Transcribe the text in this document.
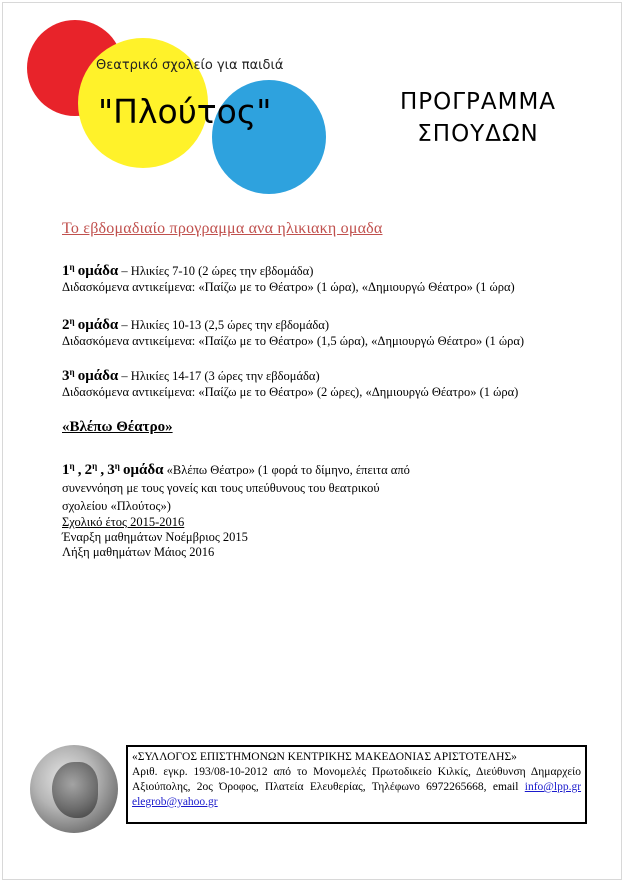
Θεατρικό σχολείο για παιδιά
"Πλούτος"	ΠΡΟΓΡΑΜΜΑ
ΣΠΟΥΔΩΝ
Το εβδομαδιαίο προγραμμα ανα ηλικιακη ομαδα
$1^\eta$ ομάδα – Ηλικίες 7-10 (2 ώρες την εβδομάδα)
Διδασκόμενα αντικείμενα: «Παίζω με το Θέατρο» (1 ώρα), «Δημιουργώ Θέατρο» (1 ώρα)
$2^\eta$ ομάδα – Ηλικίες 10-13 (2,5 ώρες την εβδομάδα)
Διδασκόμενα αντικείμενα: «Παίζω με το Θέατρο» (1,5 ώρα), «Δημιουργώ Θέατρο» (1 ώρα)
$3^\eta$ ομάδα – Ηλικίες 14-17 (3 ώρες την εβδομάδα)
Διδασκόμενα αντικείμενα: «Παίζω με το Θέατρο» (2 ώρες), «Δημιουργώ Θέατρο» (1 ώρα)
«Βλέπω Θέατρο»
$1^\eta$ , $2^\eta$ , $3^\eta$ ομάδα «Βλέπω Θέατρο» (1 φορά το δίμηνο, έπειτα από συνεννόηση με τους γονείς και τους υπεύθυνους του θεατρικού σχολείου «Πλούτος»)
Σχολικό έτος 2015-2016
Έναρξη μαθημάτων Νοέμβριος 2015
Λήξη μαθημάτων Μάιος 2016
«ΣΥΛΛΟΓΟΣ ΕΠΙΣΤΗΜΟΝΩΝ ΚΕΝΤΡΙΚΗΣ ΜΑΚΕΔΟΝΙΑΣ ΑΡΙΣΤΟΤΕΛΗΣ»
Αριθ. εγκρ. 193/08-10-2012 από το Μονομελές Πρωτοδικείο Κιλκίς, Διεύθυνση Δημαρχείο Αξιούπολης, 2ος Όροφος, Πλατεία Ελευθερίας, Τηλέφωνο 6972265668, email info@lpp.gr elegrob@yahoo.gr
